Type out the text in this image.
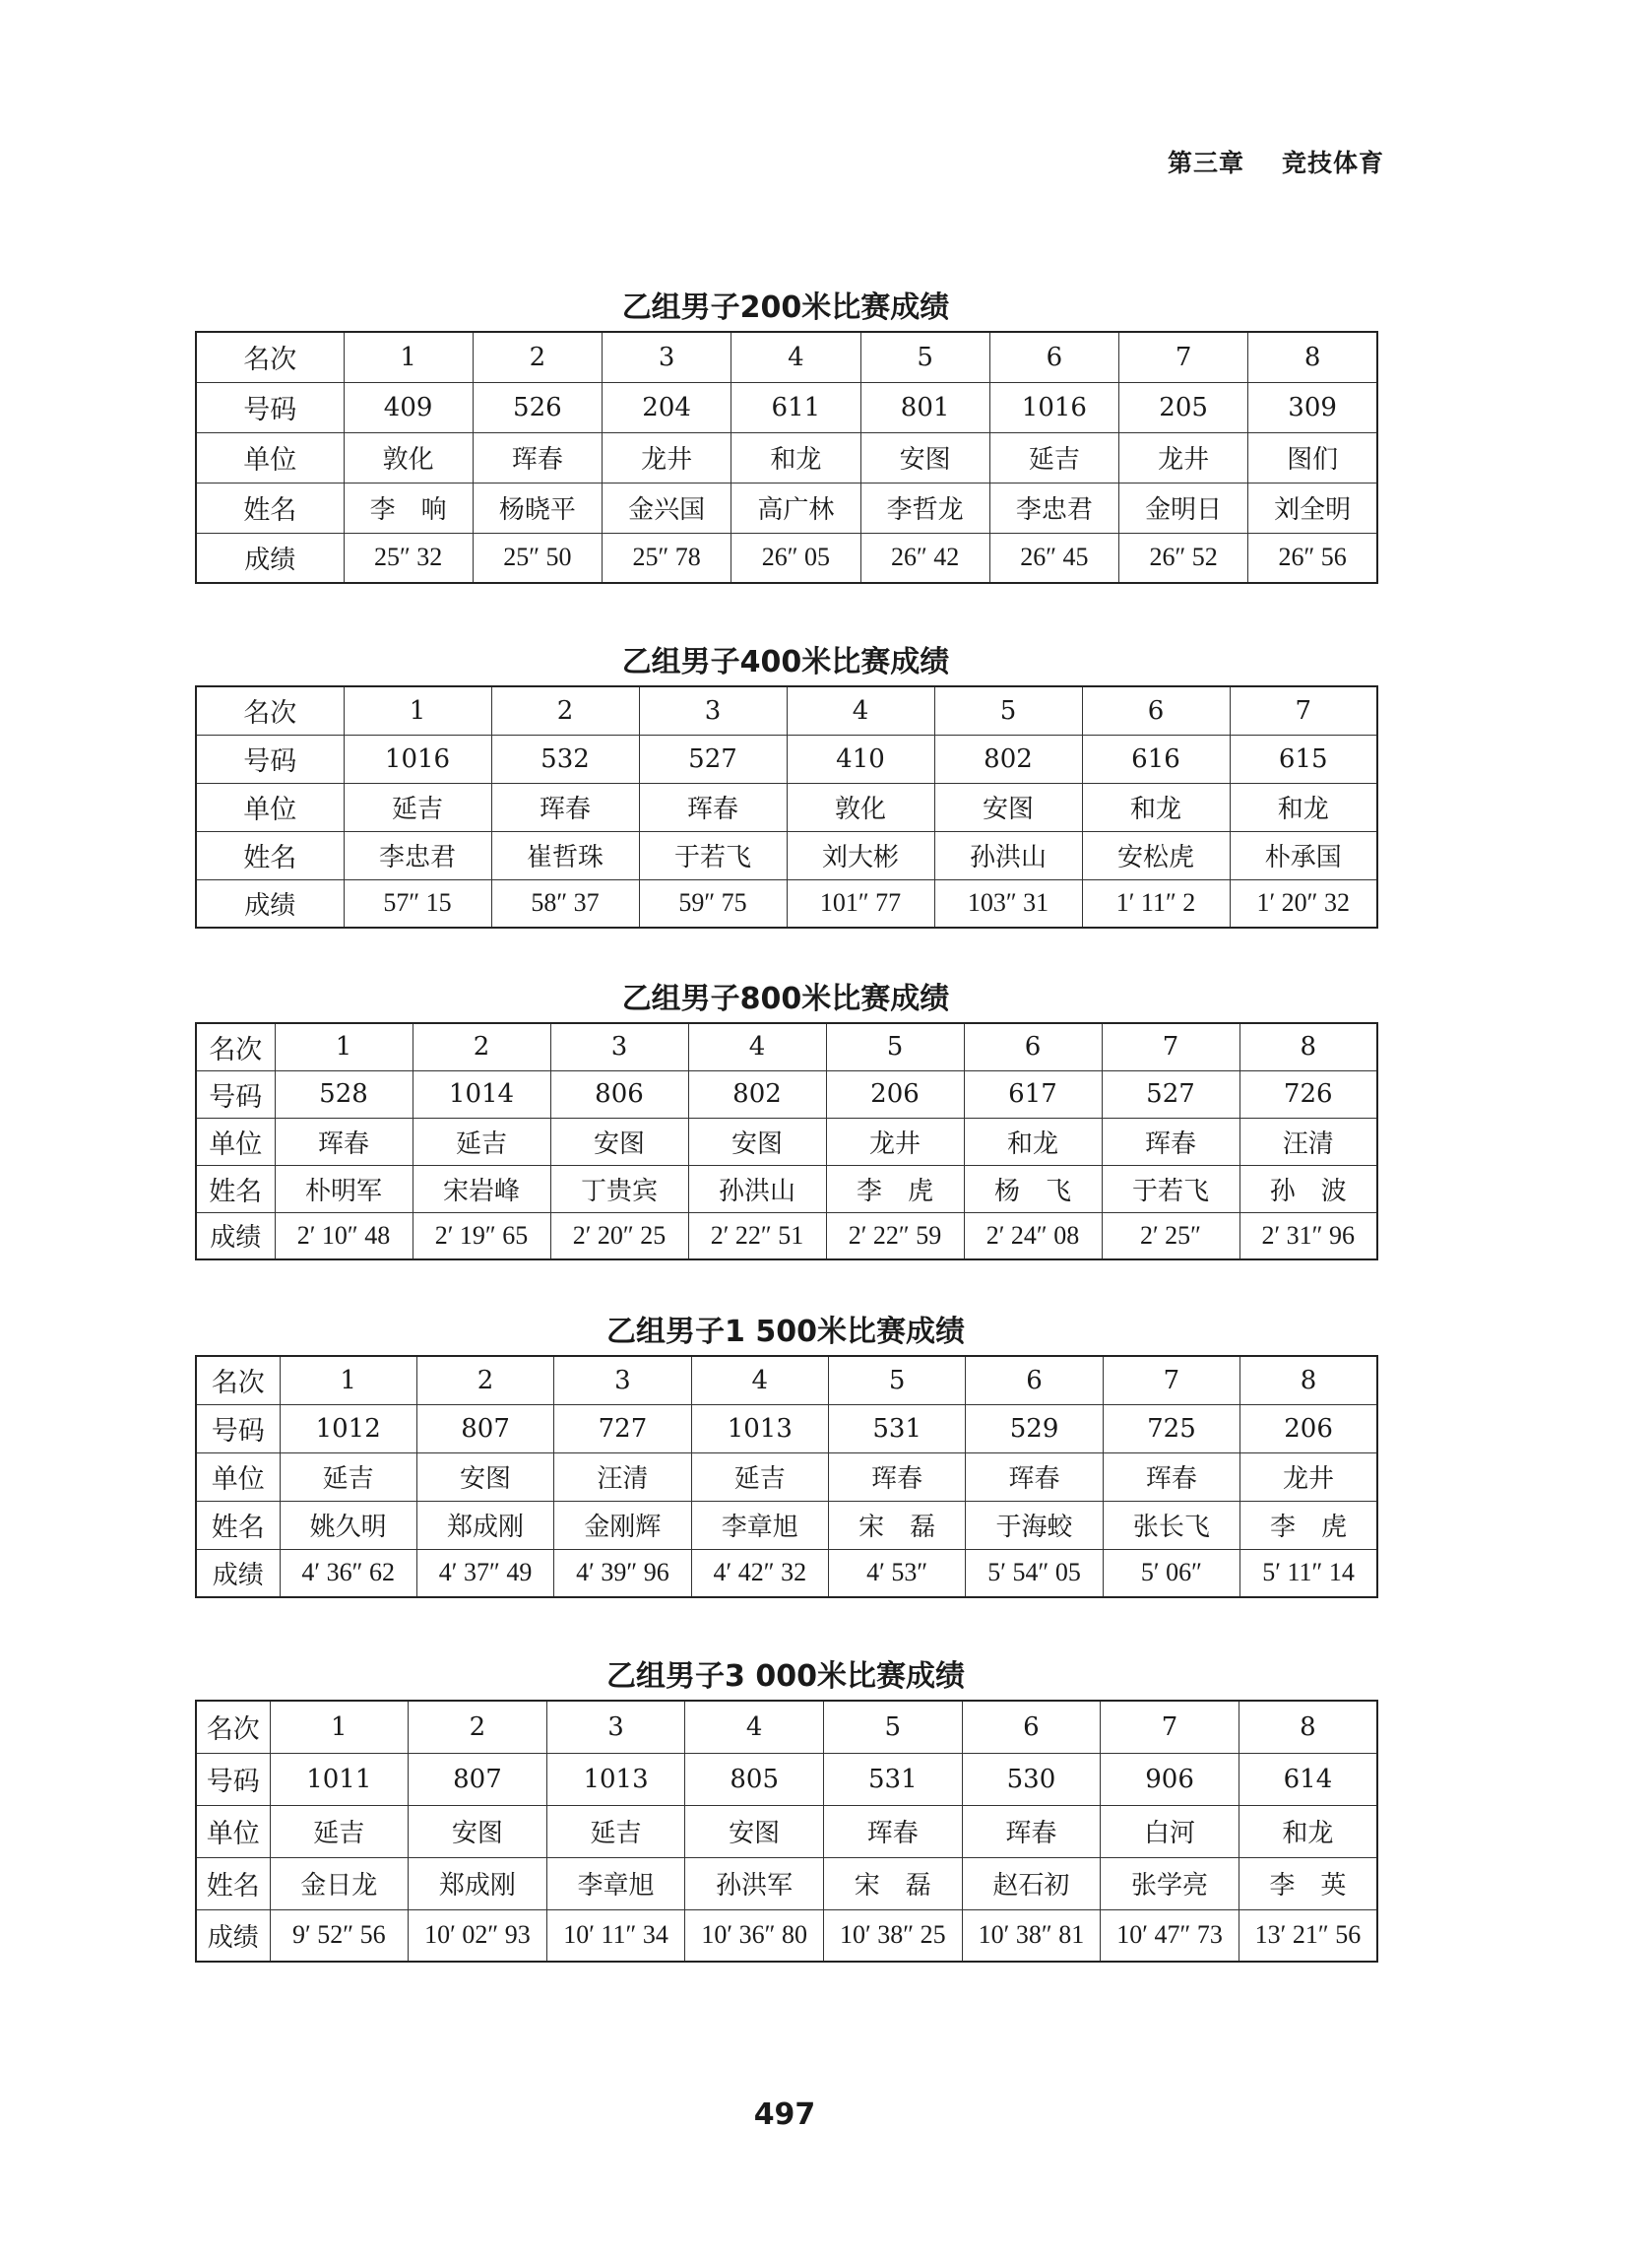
第三章 竞技体育
乙组男子200米比赛成绩
名次	1	2	3	4	5	6	7	8
号码	409	526	204	611	801	1016	205	309
单位	敦化	珲春	龙井	和龙	安图	延吉	龙井	图们
姓名	李　响	杨晓平	金兴国	高广林	李哲龙	李忠君	金明日	刘全明
成绩	25″ 32	25″ 50	25″ 78	26″ 05	26″ 42	26″ 45	26″ 52	26″ 56
乙组男子400米比赛成绩
名次	1	2	3	4	5	6	7
号码	1016	532	527	410	802	616	615
单位	延吉	珲春	珲春	敦化	安图	和龙	和龙
姓名	李忠君	崔哲珠	于若飞	刘大彬	孙洪山	安松虎	朴承国
成绩	57″ 15	58″ 37	59″ 75	101″ 77	103″ 31	1′ 11″ 2	1′ 20″ 32
乙组男子800米比赛成绩
名次	1	2	3	4	5	6	7	8
号码	528	1014	806	802	206	617	527	726
单位	珲春	延吉	安图	安图	龙井	和龙	珲春	汪清
姓名	朴明军	宋岩峰	丁贵宾	孙洪山	李　虎	杨　飞	于若飞	孙　波
成绩	2′ 10″ 48	2′ 19″ 65	2′ 20″ 25	2′ 22″ 51	2′ 22″ 59	2′ 24″ 08	2′ 25″	2′ 31″ 96
乙组男子1 500米比赛成绩
名次	1	2	3	4	5	6	7	8
号码	1012	807	727	1013	531	529	725	206
单位	延吉	安图	汪清	延吉	珲春	珲春	珲春	龙井
姓名	姚久明	郑成刚	金刚辉	李章旭	宋　磊	于海蛟	张长飞	李　虎
成绩	4′ 36″ 62	4′ 37″ 49	4′ 39″ 96	4′ 42″ 32	4′ 53″	5′ 54″ 05	5′ 06″	5′ 11″ 14
乙组男子3 000米比赛成绩
名次	1	2	3	4	5	6	7	8
号码	1011	807	1013	805	531	530	906	614
单位	延吉	安图	延吉	安图	珲春	珲春	白河	和龙
姓名	金日龙	郑成刚	李章旭	孙洪军	宋　磊	赵石初	张学亮	李　英
成绩	9′ 52″ 56	10′ 02″ 93	10′ 11″ 34	10′ 36″ 80	10′ 38″ 25	10′ 38″ 81	10′ 47″ 73	13′ 21″ 56
497
